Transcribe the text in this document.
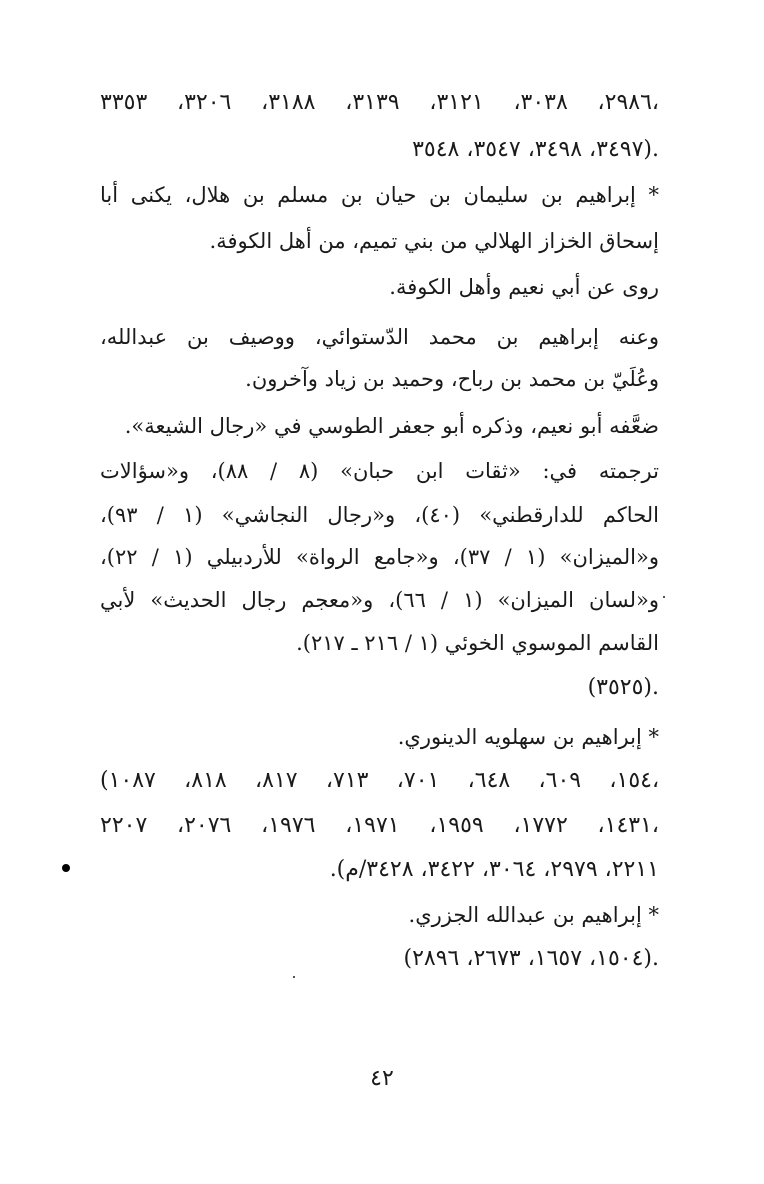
٢٩٨٦، ٣٠٣٨، ٣١٢١، ٣١٣٩، ٣١٨٨، ٣٢٠٦، ٣٣٥٣،
٣٤٩٧، ٣٤٩٨، ٣٥٤٧، ٣٥٤٨).
* إبراهيم بن سليمان بن حيان بن مسلم بن هلال، يكنى أبا
إسحاق الخزاز الهلالي من بني تميم، من أهل الكوفة.
روى عن أبي نعيم وأهل الكوفة.
وعنه إبراهيم بن محمد الدّستوائي، ووصيف بن عبدالله،
وعُلَيّ بن محمد بن رباح، وحميد بن زياد وآخرون.
ضعَّفه أبو نعيم، وذكره أبو جعفر الطوسي في «رجال الشيعة».
ترجمته في: «ثقات ابن حبان» (٨ / ٨٨)، و«سؤالات
الحاكم للدارقطني» (٤٠)، و«رجال النجاشي» (١ / ٩٣)،
و«الميزان» (١ / ٣٧)، و«جامع الرواة» للأردبيلي (١ / ٢٢)،
و«لسان الميزان» (١ / ٦٦)، و«معجم رجال الحديث» لأبي
القاسم الموسوي الخوئي (١ / ٢١٦ ـ ٢١٧).
(٣٥٢٥).
* إبراهيم بن سهلويه الدينوري.
(١٥٤، ٦٠٩، ٦٤٨، ٧٠١، ٧١٣، ٨١٧، ٨١٨، ١٠٨٧،
١٤٣١، ١٧٧٢، ١٩٥٩، ١٩٧١، ١٩٧٦، ٢٠٧٦، ٢٢٠٧،
٢٢١١، ٢٩٧٩، ٣٠٦٤، ٣٤٢٢، ٣٤٢٨/م).
* إبراهيم بن عبدالله الجزري.
(١٥٠٤، ١٦٥٧، ٢٦٧٣، ٢٨٩٦).
٤٢
